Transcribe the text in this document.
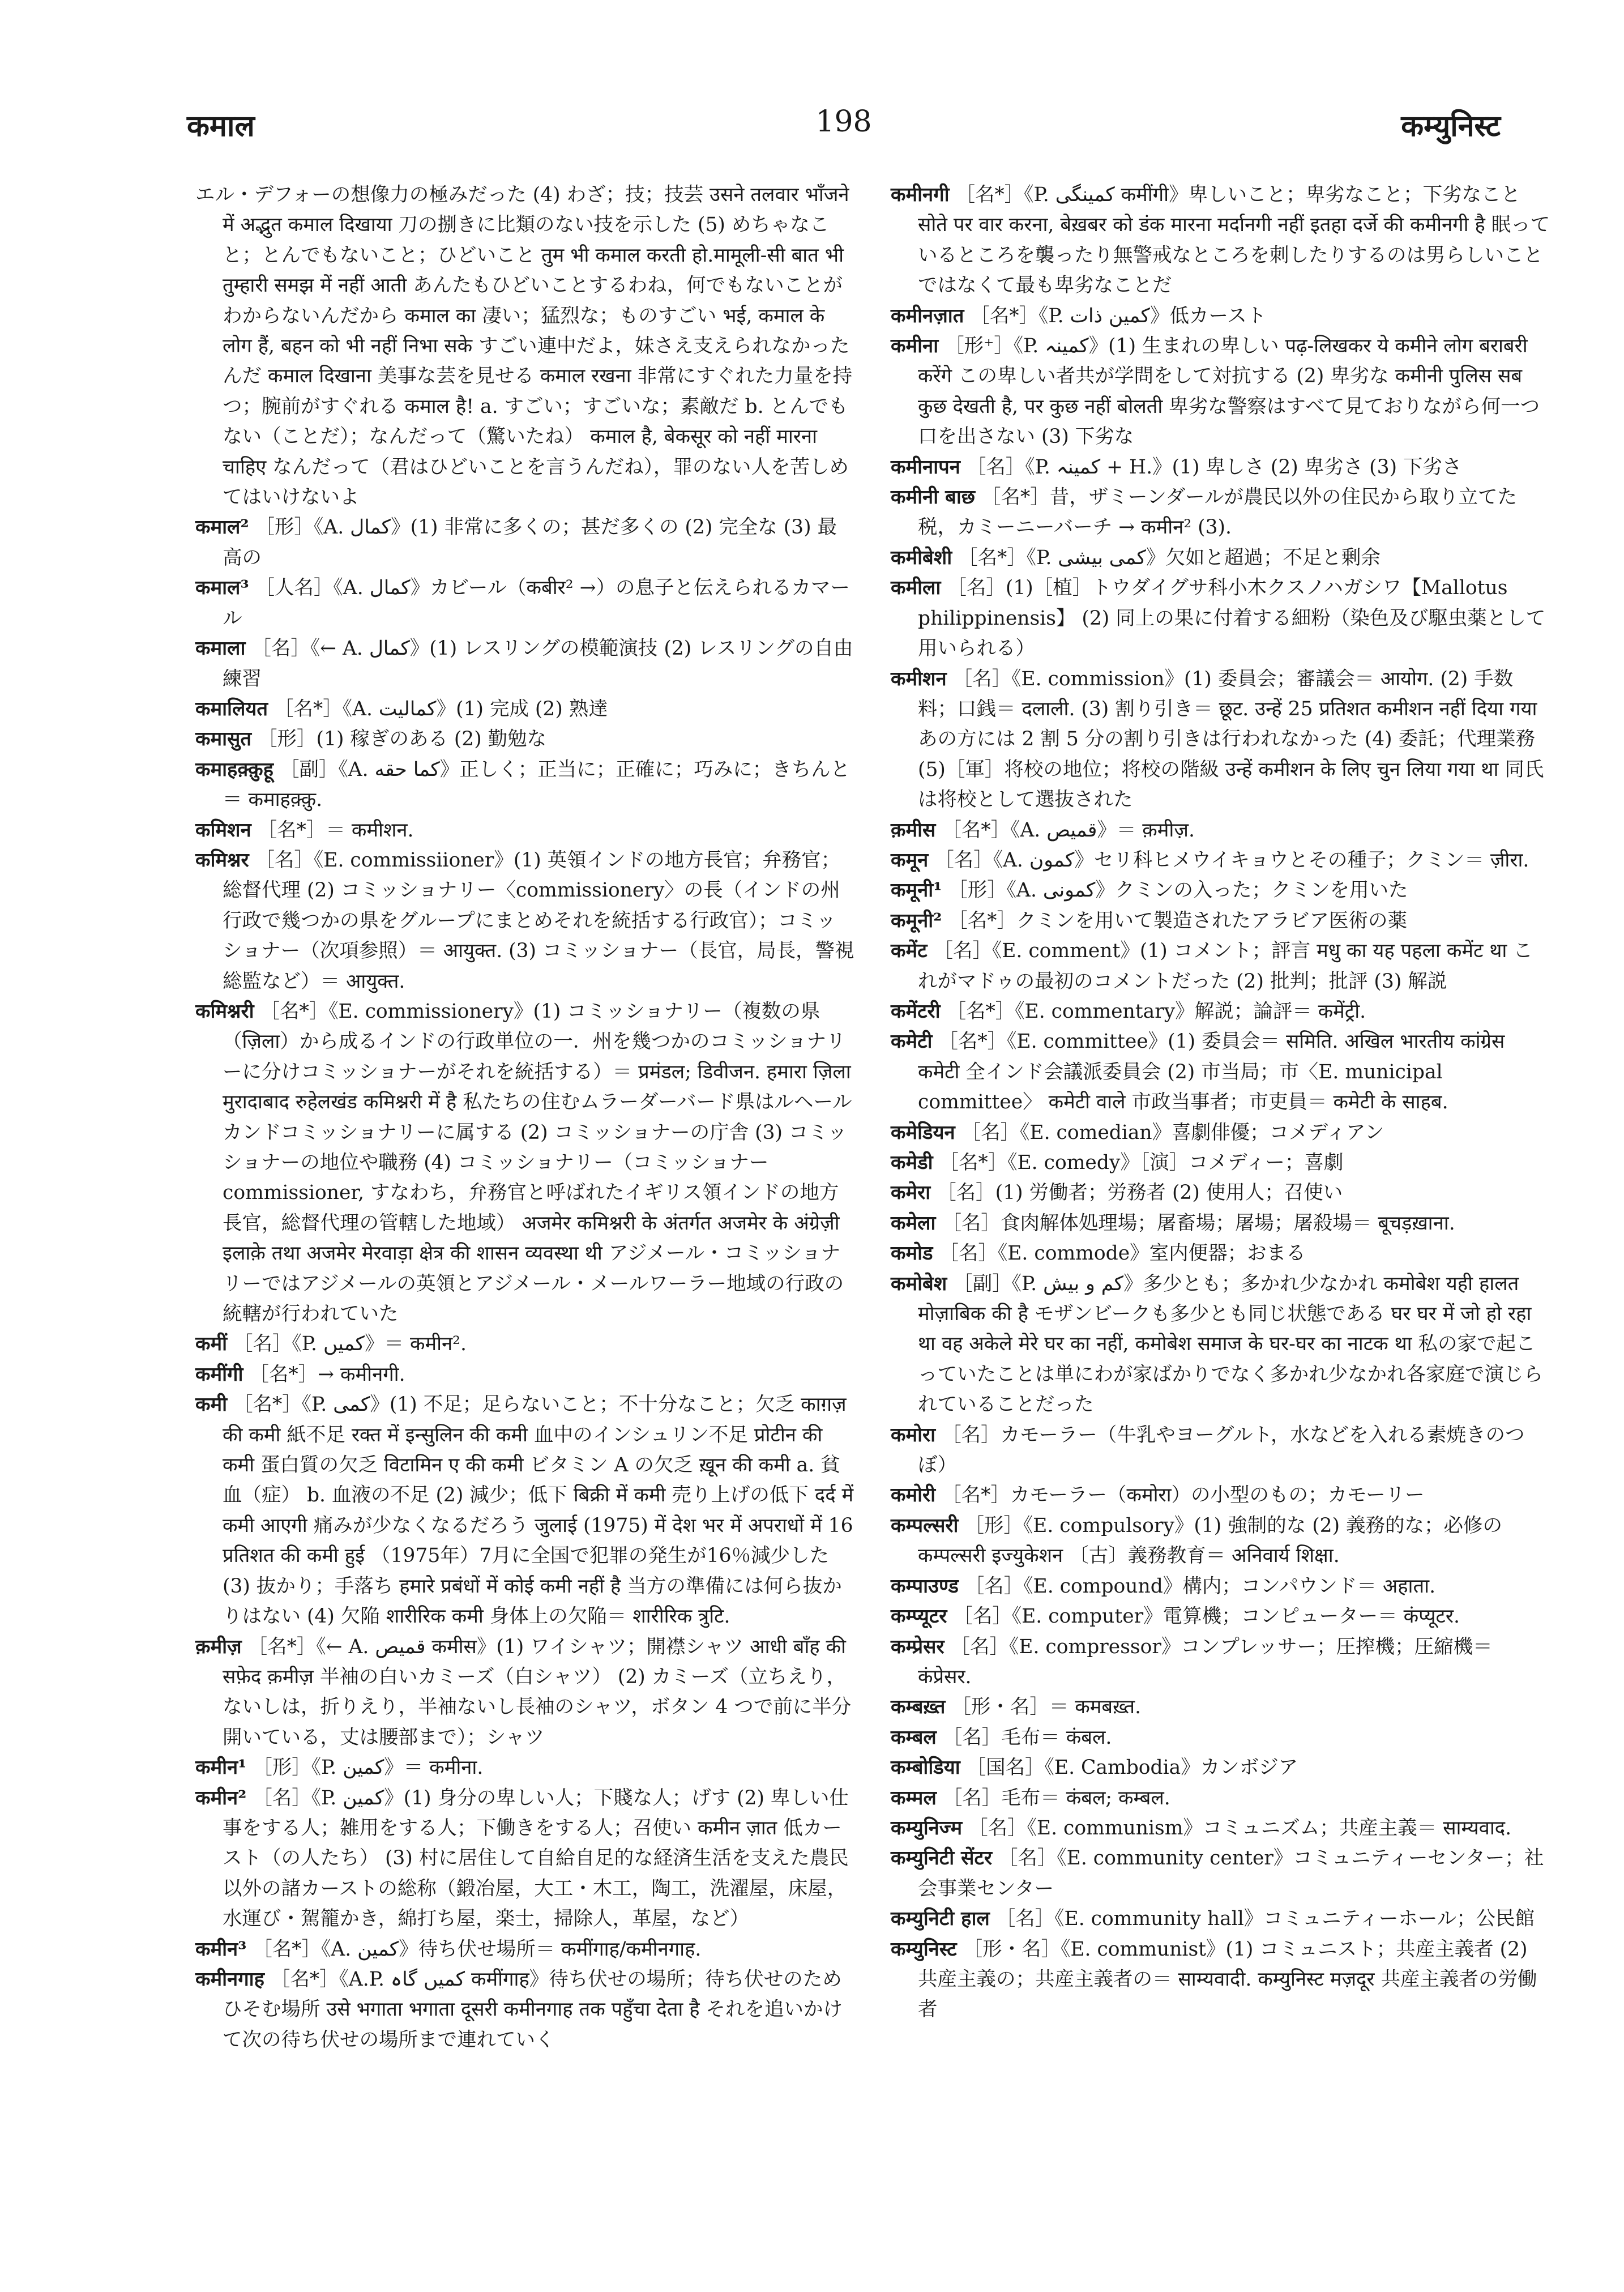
कमाल	198	कम्युनिस्ट

エル・デフォーの想像力の極みだった (4) わざ；技；技芸 उसने तलवार भाँजने में अद्भुत कमाल दिखाया 刀の捌きに比類のない技を示した (5) めちゃなこと；とんでもないこと；ひどいこと तुम भी कमाल करती हो.मामूली-सी बात भी तुम्हारी समझ में नहीं आती あんたもひどいことするわね，何でもないことがわからないんだから कमाल का 凄い；猛烈な；ものすごい भई, कमाल के लोग हैं, बहन को भी नहीं निभा सके すごい連中だよ，妹さえ支えられなかったんだ कमाल दिखाना 美事な芸を見せる कमाल रखना 非常にすぐれた力量を持つ；腕前がすぐれる कमाल है! a. すごい；すごいな；素敵だ b. とんでもない（ことだ）；なんだって（驚いたね） कमाल है, बेकसूर को नहीं मारना चाहिए なんだって（君はひどいことを言うんだね），罪のない人を苦しめてはいけないよ

कमाल² ［形］《A. کمال》(1) 非常に多くの；甚だ多くの (2) 完全な (3) 最高の

कमाल³ ［人名］《A. کمال》カビール（कबीर² →）の息子と伝えられるカマール

कमाला ［名］《← A. کمال》(1) レスリングの模範演技 (2) レスリングの自由練習

कमालियत ［名*］《A. کمالیت》(1) 完成 (2) 熟達

कमासुत ［形］(1) 稼ぎのある (2) 勤勉な

कमाहक़्क़ुहू ［副］《A. کما حقه》正しく；正当に；正確に；巧みに；きちんと＝ कमाहक़्क़ु.

कमिशन ［名*］＝ कमीशन.

कमिश्नर ［名］《E. commissiioner》(1) 英領インドの地方長官；弁務官；総督代理 (2) コミッショナリー〈commissionery〉の長（インドの州行政で幾つかの県をグループにまとめそれを統括する行政官）；コミッショナー（次項参照）＝ आयुक्त. (3) コミッショナー（長官，局長，警視総監など）＝ आयुक्त.

कमिश्नरी ［名*］《E. commissionery》(1) コミッショナリー（複数の県（ज़िला）から成るインドの行政単位の一．州を幾つかのコミッショナリーに分けコミッショナーがそれを統括する）＝ प्रमंडल; डिवीजन. हमारा ज़िला मुरादाबाद रुहेलखंड कमिश्नरी में है 私たちの住むムラーダーバード県はルヘールカンドコミッショナリーに属する (2) コミッショナーの庁舎 (3) コミッショナーの地位や職務 (4) コミッショナリー（コミッショナー commissioner, すなわち，弁務官と呼ばれたイギリス領インドの地方長官，総督代理の管轄した地域） अजमेर कमिश्नरी के अंतर्गत अजमेर के अंग्रेज़ी इलाक़े तथा अजमेर मेरवाड़ा क्षेत्र की शासन व्यवस्था थी アジメール・コミッショナリーではアジメールの英領とアジメール・メールワーラー地域の行政の統轄が行われていた

कमीं ［名］《P. کمیں》＝ कमीन².

कमींगी ［名*］→ कमीनगी.

कमी ［名*］《P. کمی》(1) 不足；足らないこと；不十分なこと；欠乏 काग़ज़ की कमी 紙不足 रक्त में इन्सुलिन की कमी 血中のインシュリン不足 प्रोटीन की कमी 蛋白質の欠乏 विटामिन ए की कमी ビタミン A の欠乏 ख़ून की कमी a. 貧血（症） b. 血液の不足 (2) 減少；低下 बिक्री में कमी 売り上げの低下 दर्द में कमी आएगी 痛みが少なくなるだろう जुलाई (1975) में देश भर में अपराधों में 16 प्रतिशत की कमी हुई （1975年）7月に全国で犯罪の発生が16％減少した (3) 抜かり；手落ち हमारे प्रबंधों में कोई कमी नहीं है 当方の準備には何ら抜かりはない (4) 欠陥 शारीरिक कमी 身体上の欠陥＝ शारीरिक त्रुटि.

क़मीज़ ［名*］《← A. قمیص कमीस》(1) ワイシャツ；開襟シャツ आधी बाँह की सफ़ेद क़मीज़ 半袖の白いカミーズ（白シャツ） (2) カミーズ（立ちえり，ないしは，折りえり，半袖ないし長袖のシャツ，ボタン 4 つで前に半分開いている，丈は腰部まで）；シャツ

कमीन¹ ［形］《P. کمین》＝ कमीना.

कमीन² ［名］《P. کمین》(1) 身分の卑しい人；下賤な人；げす (2) 卑しい仕事をする人；雑用をする人；下働きをする人；召使い कमीन ज़ात 低カースト（の人たち） (3) 村に居住して自給自足的な経済生活を支えた農民以外の諸カーストの総称（鍛冶屋，大工・木工，陶工，洗濯屋，床屋，水運び・駕籠かき，綿打ち屋，楽士，掃除人，革屋，など）

कमीन³ ［名*］《A. کمین》待ち伏せ場所＝ कमींगाह/कमीनगाह.

कमीनगाह ［名*］《A.P. کمیں گاہ कमींगाह》待ち伏せの場所；待ち伏せのためひそむ場所 उसे भगाता भगाता दूसरी कमीनगाह तक पहुँचा देता है それを追いかけて次の待ち伏せの場所まで連れていく

कमीनगी ［名*］《P. کمینگی कमींगी》卑しいこと；卑劣なこと；下劣なこと सोते पर वार करना, बेख़बर को डंक मारना मर्दानगी नहीं इतहा दर्जे की कमीनगी है 眠っているところを襲ったり無警戒なところを刺したりするのは男らしいことではなくて最も卑劣なことだ

कमीनज़ात ［名*］《P. کمین ذات》低カースト

कमीना ［形⁺］《P. کمینہ》(1) 生まれの卑しい पढ़-लिखकर ये कमीने लोग बराबरी करेंगे この卑しい者共が学問をして対抗する (2) 卑劣な कमीनी पुलिस सब कुछ देखती है, पर कुछ नहीं बोलती 卑劣な警察はすべて見ておりながら何一つ口を出さない (3) 下劣な

कमीनापन ［名］《P. کمینہ + H.》(1) 卑しさ (2) 卑劣さ (3) 下劣さ

कमीनी बाछ ［名*］昔，ザミーンダールが農民以外の住民から取り立てた税，カミーニーバーチ → कमीन² (3).

कमीबेशी ［名*］《P. کمی بیشی》欠如と超過；不足と剰余

कमीला ［名］(1)［植］トウダイグサ科小木クスノハガシワ【Mallotus philippinensis】 (2) 同上の果に付着する細粉（染色及び駆虫薬として用いられる）

कमीशन ［名］《E. commission》(1) 委員会；審議会＝ आयोग. (2) 手数料；口銭＝ दलाली. (3) 割り引き＝ छूट. उन्हें 25 प्रतिशत कमीशन नहीं दिया गया あの方には 2 割 5 分の割り引きは行われなかった (4) 委託；代理業務 (5)［軍］将校の地位；将校の階級 उन्हें कमीशन के लिए चुन लिया गया था 同氏は将校として選抜された

क़मीस ［名*］《A. قمیص》＝ क़मीज़.

कमून ［名］《A. کمون》セリ科ヒメウイキョウとその種子；クミン＝ ज़ीरा.

कमूनी¹ ［形］《A. کمونی》クミンの入った；クミンを用いた

कमूनी² ［名*］クミンを用いて製造されたアラビア医術の薬

कमेंट ［名］《E. comment》(1) コメント；評言 मधु का यह पहला कमेंट था これがマドゥの最初のコメントだった (2) 批判；批評 (3) 解説

कमेंटरी ［名*］《E. commentary》解説；論評＝ कमेंट्री.

कमेटी ［名*］《E. committee》(1) 委員会＝ समिति. अखिल भारतीय कांग्रेस कमेटी 全インド会議派委員会 (2) 市当局；市〈E. municipal committee〉 कमेटी वाले 市政当事者；市吏員＝ कमेटी के साहब.

कमेडियन ［名］《E. comedian》喜劇俳優；コメディアン

कमेडी ［名*］《E. comedy》［演］コメディー；喜劇

कमेरा ［名］(1) 労働者；労務者 (2) 使用人；召使い

कमेला ［名］食肉解体処理場；屠畜場；屠場；屠殺場＝ बूचड़ख़ाना.

कमोड ［名］《E. commode》室内便器；おまる

कमोबेश ［副］《P. کم و بیش》多少とも；多かれ少なかれ कमोबेश यही हालत मोज़ाबिक की है モザンビークも多少とも同じ状態である घर घर में जो हो रहा था वह अकेले मेरे घर का नहीं, कमोबेश समाज के घर-घर का नाटक था 私の家で起こっていたことは単にわが家ばかりでなく多かれ少なかれ各家庭で演じられていることだった

कमोरा ［名］カモーラー（牛乳やヨーグルト，水などを入れる素焼きのつぼ）

कमोरी ［名*］カモーラー（कमोरा）の小型のもの；カモーリー

कम्पल्सरी ［形］《E. compulsory》(1) 強制的な (2) 義務的な；必修の कम्पल्सरी इज्युकेशन 〔古〕義務教育＝ अनिवार्य शिक्षा.

कम्पाउण्ड ［名］《E. compound》構内；コンパウンド＝ अहाता.

कम्प्यूटर ［名］《E. computer》電算機；コンピューター＝ कंप्यूटर.

कम्प्रेसर ［名］《E. compressor》コンプレッサー；圧搾機；圧縮機＝ कंप्रेसर.

कम्बख़्त ［形・名］＝ कमबख़्त.

कम्बल ［名］毛布＝ कंबल.

कम्बोडिया ［国名］《E. Cambodia》カンボジア

कम्मल ［名］毛布＝ कंबल; कम्बल.

कम्युनिज्म ［名］《E. communism》コミュニズム；共産主義＝ साम्यवाद.

कम्युनिटी सेंटर ［名］《E. community center》コミュニティーセンター；社会事業センター

कम्युनिटी हाल ［名］《E. community hall》コミュニティーホール；公民館

कम्युनिस्ट ［形・名］《E. communist》(1) コミュニスト；共産主義者 (2) 共産主義の；共産主義者の＝ साम्यवादी. कम्युनिस्ट मज़दूर 共産主義者の労働者
